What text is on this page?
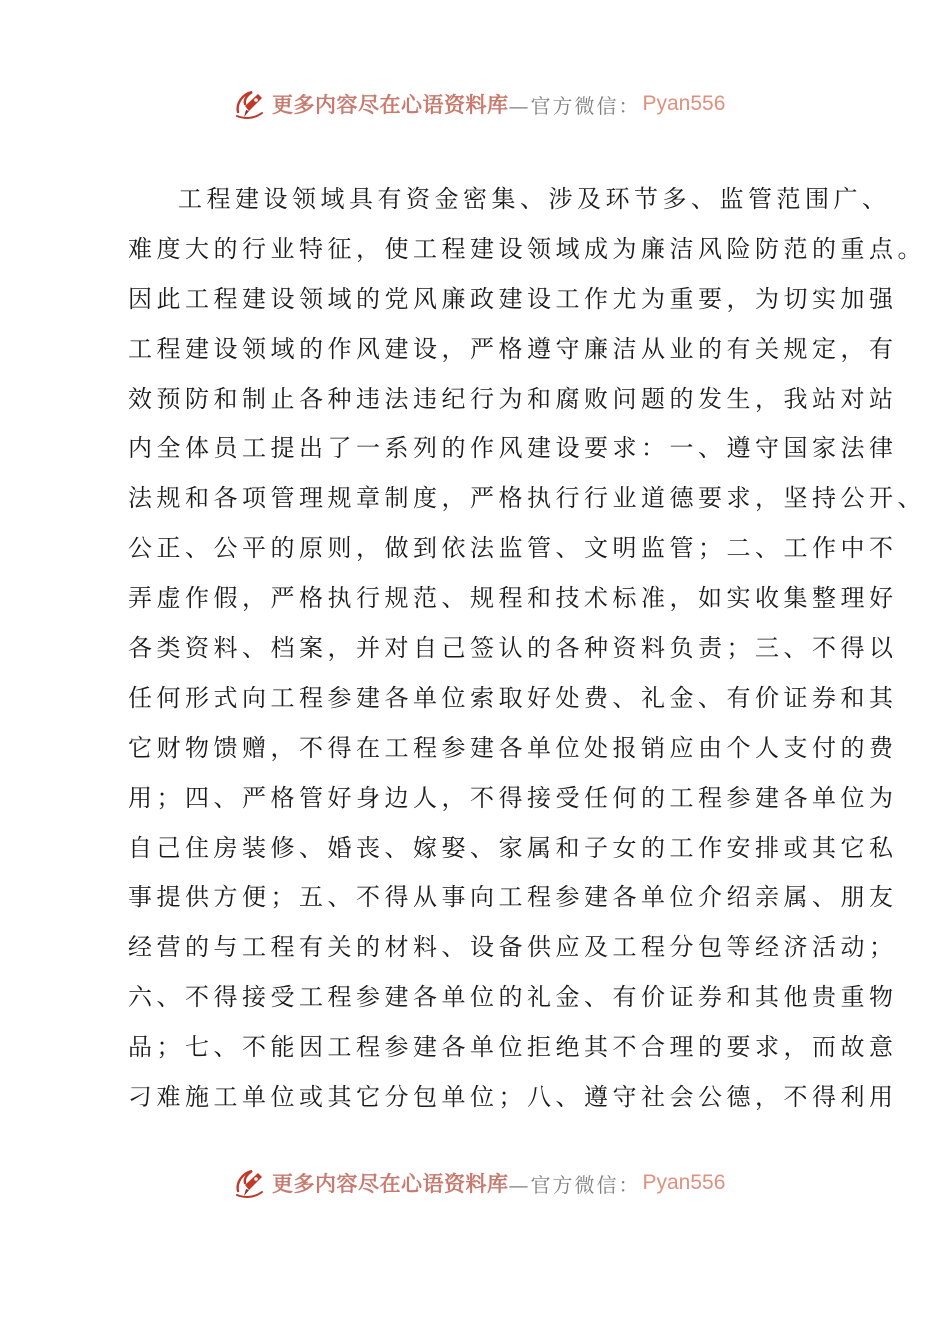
更多内容尽在心语资料库 —官方微信： Pyan556
工程建设领域具有资金密集、涉及环节多、监管范围广、
难度大的行业特征，使工程建设领域成为廉洁风险防范的重点。
因此工程建设领域的党风廉政建设工作尤为重要，为切实加强
工程建设领域的作风建设，严格遵守廉洁从业的有关规定，有
效预防和制止各种违法违纪行为和腐败问题的发生，我站对站
内全体员工提出了一系列的作风建设要求：一、遵守国家法律
法规和各项管理规章制度，严格执行行业道德要求，坚持公开、
公正、公平的原则，做到依法监管、文明监管；二、工作中不
弄虚作假，严格执行规范、规程和技术标准，如实收集整理好
各类资料、档案，并对自己签认的各种资料负责；三、不得以
任何形式向工程参建各单位索取好处费、礼金、有价证券和其
它财物馈赠，不得在工程参建各单位处报销应由个人支付的费
用；四、严格管好身边人，不得接受任何的工程参建各单位为
自己住房装修、婚丧、嫁娶、家属和子女的工作安排或其它私
事提供方便；五、不得从事向工程参建各单位介绍亲属、朋友
经营的与工程有关的材料、设备供应及工程分包等经济活动；
六、不得接受工程参建各单位的礼金、有价证券和其他贵重物
品；七、不能因工程参建各单位拒绝其不合理的要求，而故意
刁难施工单位或其它分包单位；八、遵守社会公德，不得利用
更多内容尽在心语资料库 —官方微信： Pyan556
